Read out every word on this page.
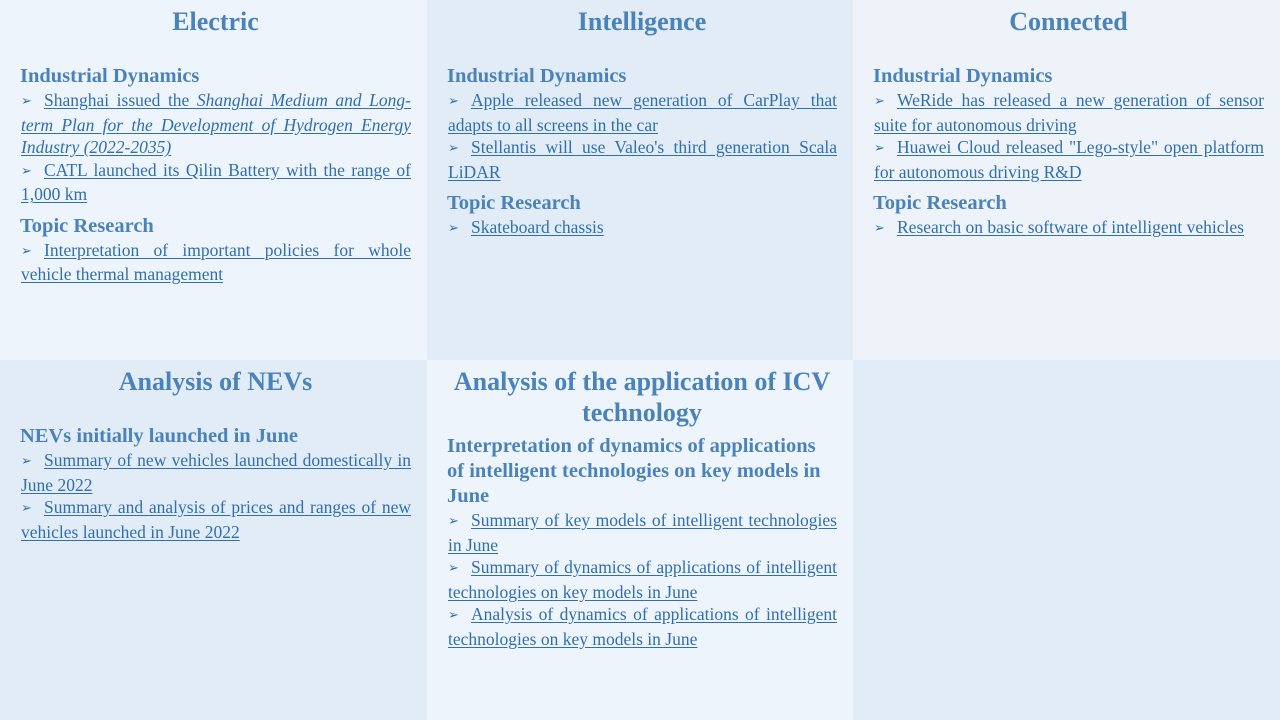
Electric
Industrial Dynamics
➢ Shanghai issued the Shanghai Medium and Long-term Plan for the Development of Hydrogen Energy Industry (2022-2035)
➢ CATL launched its Qilin Battery with the range of 1,000 km
Topic Research
➢ Interpretation of important policies for whole vehicle thermal management
Intelligence
Industrial Dynamics
➢ Apple released new generation of CarPlay that adapts to all screens in the car
➢ Stellantis will use Valeo's third generation Scala LiDAR
Topic Research
➢ Skateboard chassis
Connected
Industrial Dynamics
➢ WeRide has released a new generation of sensor suite for autonomous driving
➢ Huawei Cloud released "Lego-style" open platform for autonomous driving R&D
Topic Research
➢ Research on basic software of intelligent vehicles
Analysis of NEVs
NEVs initially launched in June
➢ Summary of new vehicles launched domestically in June 2022
➢ Summary and analysis of prices and ranges of new vehicles launched in June 2022
Analysis of the application of ICV technology
Interpretation of dynamics of applications of intelligent technologies on key models in June
➢ Summary of key models of intelligent technologies in June
➢ Summary of dynamics of applications of intelligent technologies on key models in June
➢ Analysis of dynamics of applications of intelligent technologies on key models in June
